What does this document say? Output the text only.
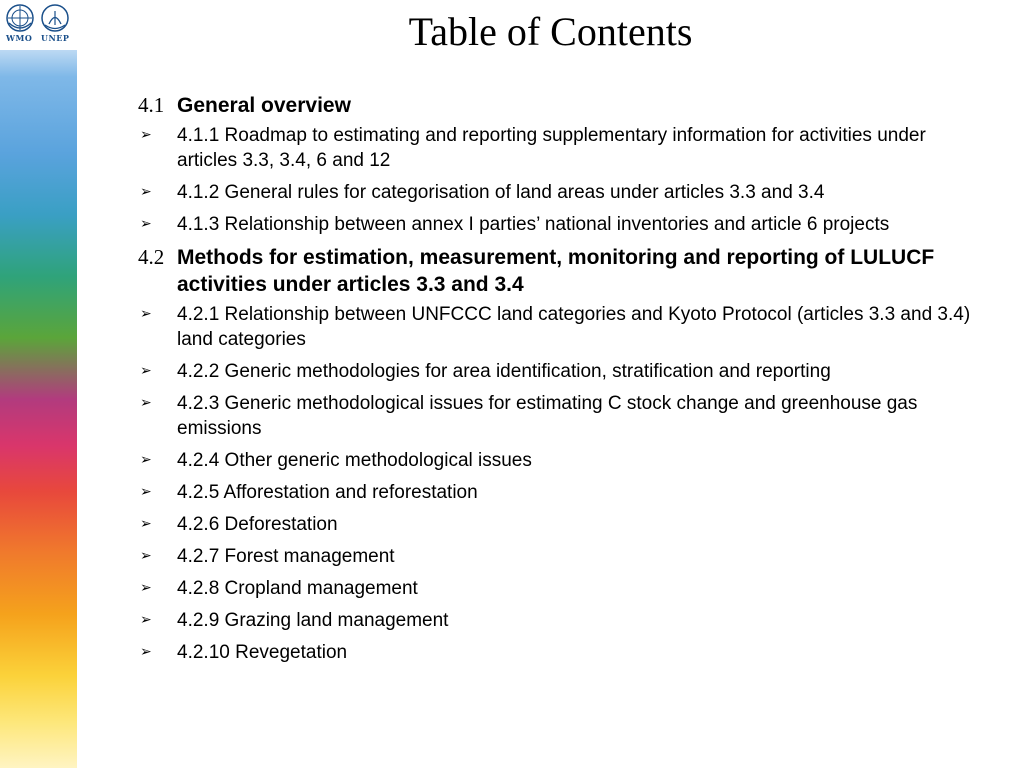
WMO UNEP	Table of Contents
4.1 General overview
➢ 4.1.1 Roadmap to estimating and reporting supplementary information for activities under articles 3.3, 3.4, 6 and 12
➢ 4.1.2 General rules for categorisation of land areas under articles 3.3 and 3.4
➢ 4.1.3 Relationship between annex I parties’ national inventories and article 6 projects
4.2 Methods for estimation, measurement, monitoring and reporting of LULUCF activities under articles 3.3 and 3.4
➢ 4.2.1 Relationship between UNFCCC land categories and Kyoto Protocol (articles 3.3 and 3.4) land categories
➢ 4.2.2 Generic methodologies for area identification, stratification and reporting
➢ 4.2.3 Generic methodological issues for estimating C stock change and greenhouse gas emissions
➢ 4.2.4 Other generic methodological issues
➢ 4.2.5 Afforestation and reforestation
➢ 4.2.6 Deforestation
➢ 4.2.7 Forest management
➢ 4.2.8 Cropland management
➢ 4.2.9 Grazing land management
➢ 4.2.10 Revegetation
